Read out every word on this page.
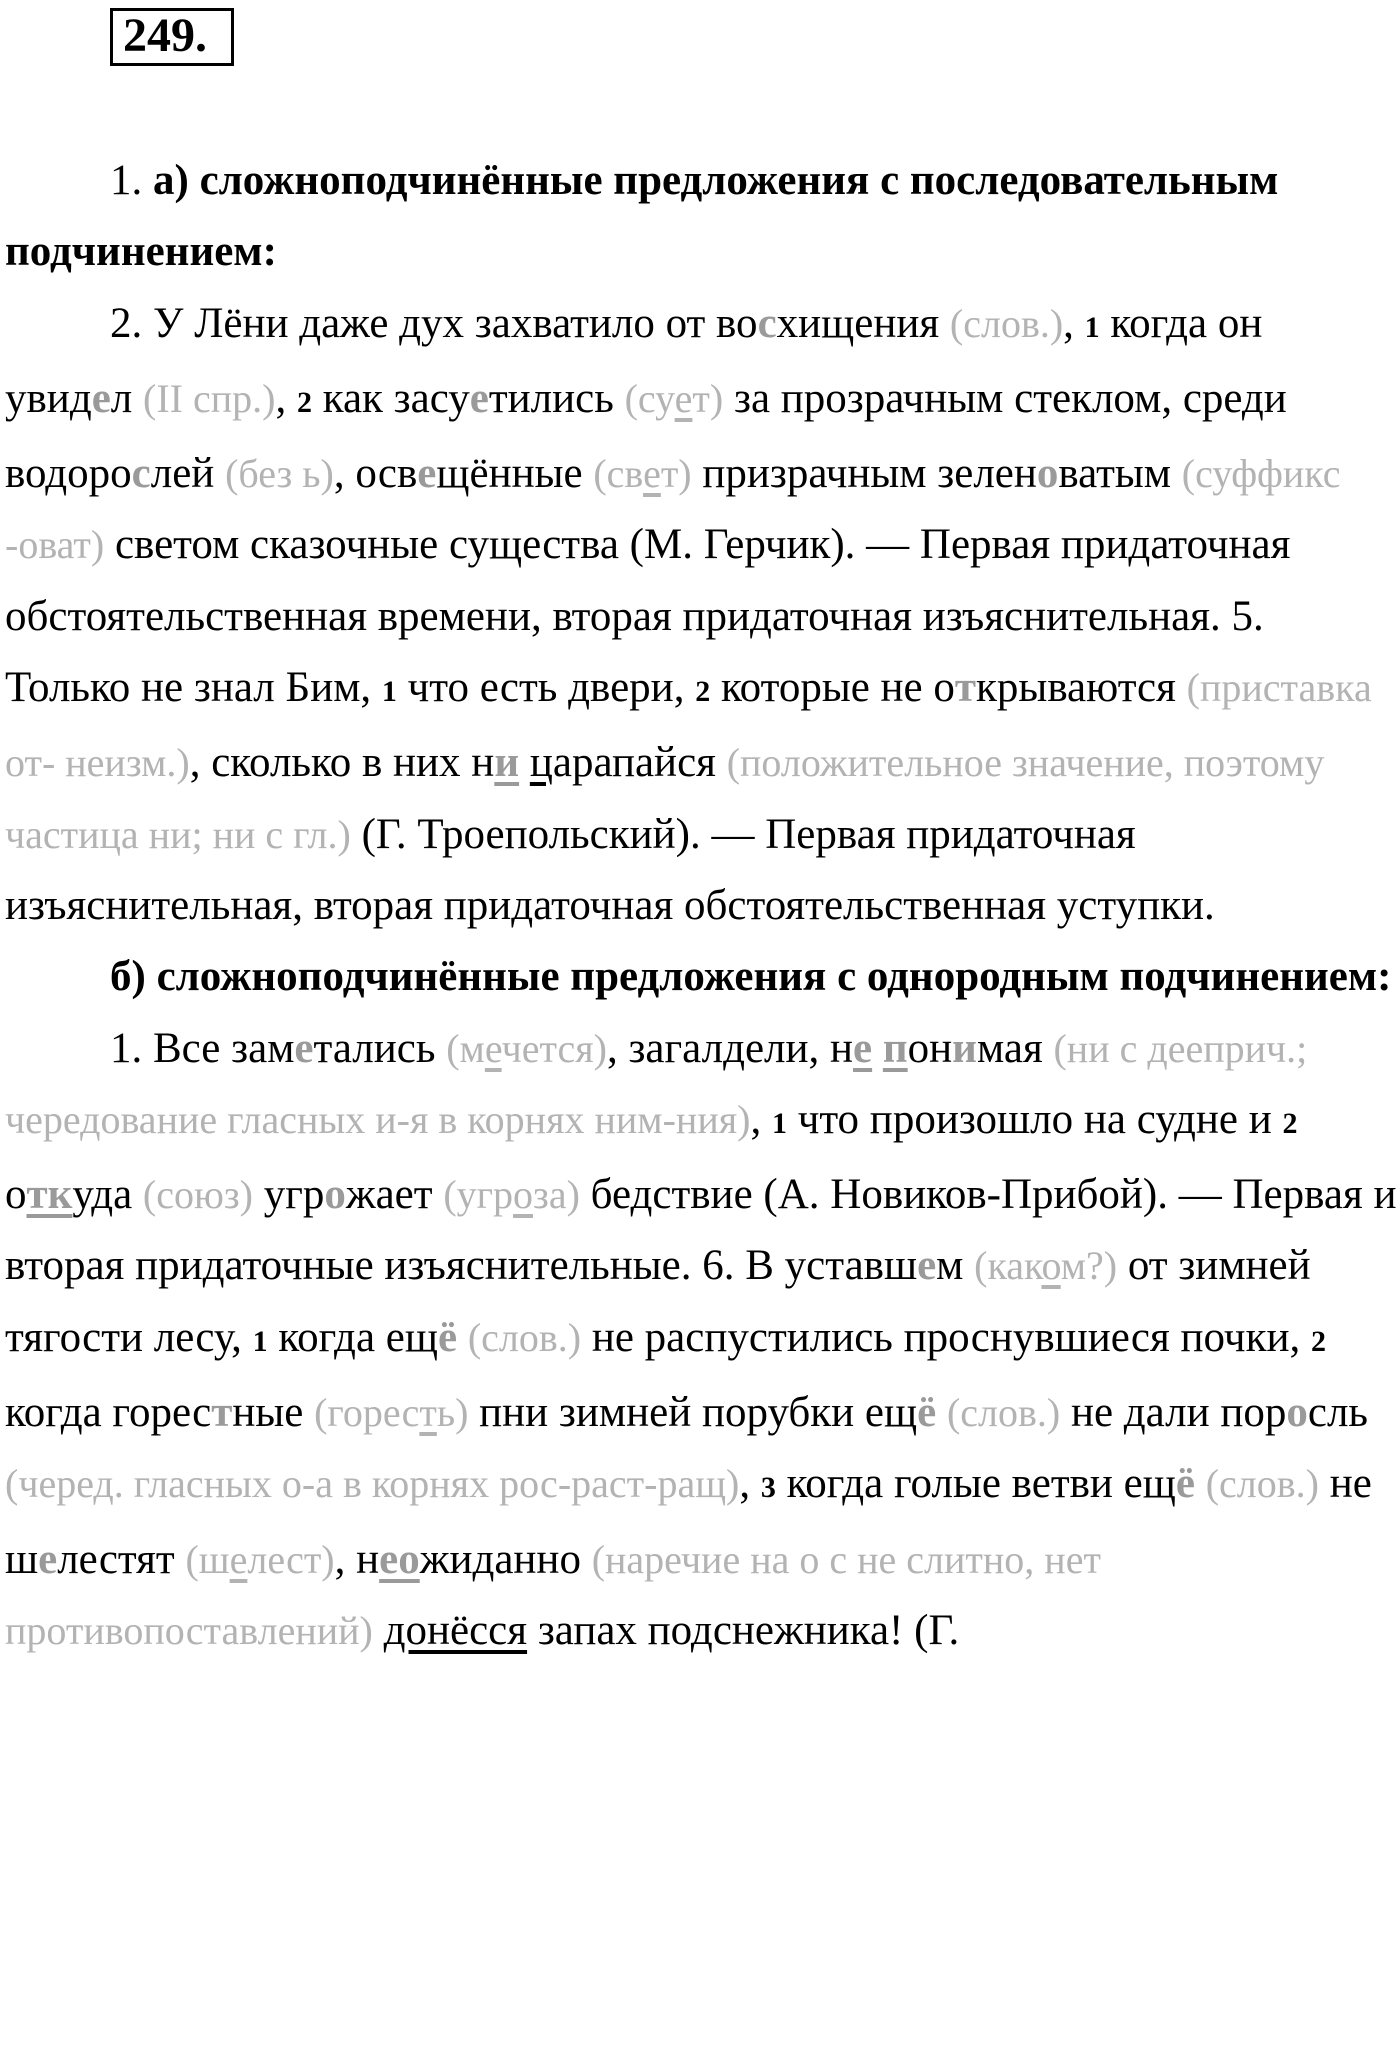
249.

1. а) сложноподчинённые предложения с последовательным подчинением:

2. У Лёни даже дух захватило от восхищения (слов.), 1 когда он увидел (II спр.), 2 как засуетились (сует) за прозрачным стеклом, среди водорослей (без ь), освещённые (свет) призрачным зеленоватым (суффикс -оват) светом сказочные существа (М. Герчик). — Первая придаточная обстоятельственная времени, вторая придаточная изъяснительная. 5. Только не знал Бим, 1 что есть двери, 2 которые не открываются (приставка от- неизм.), сколько в них ни царапайся (положительное значение, поэтому частица ни; ни с гл.) (Г. Троепольский). — Первая придаточная изъяснительная, вторая придаточная обстоятельственная уступки.

б) сложноподчинённые предложения с однородным подчинением:

1. Все заметались (мечется), загалдели, не понимая (ни с дееприч.; чередование гласных и-я в корнях ним-ния), 1 что произошло на судне и 2 откуда (союз) угрожает (угроза) бедствие (А. Новиков-Прибой). — Первая и вторая придаточные изъяснительные. 6. В уставшем (каком?) от зимней тягости лесу, 1 когда ещё (слов.) не распустились проснувшиеся почки, 2 когда горестные (горесть) пни зимней порубки ещё (слов.) не дали поросль (черед. гласных о-а в корнях рос-раст-ращ), 3 когда голые ветви ещё (слов.) не шелестят (шелест), неожиданно (наречие на о с не слитно, нет противопоставлений) донёсся запах подснежника! (Г.
